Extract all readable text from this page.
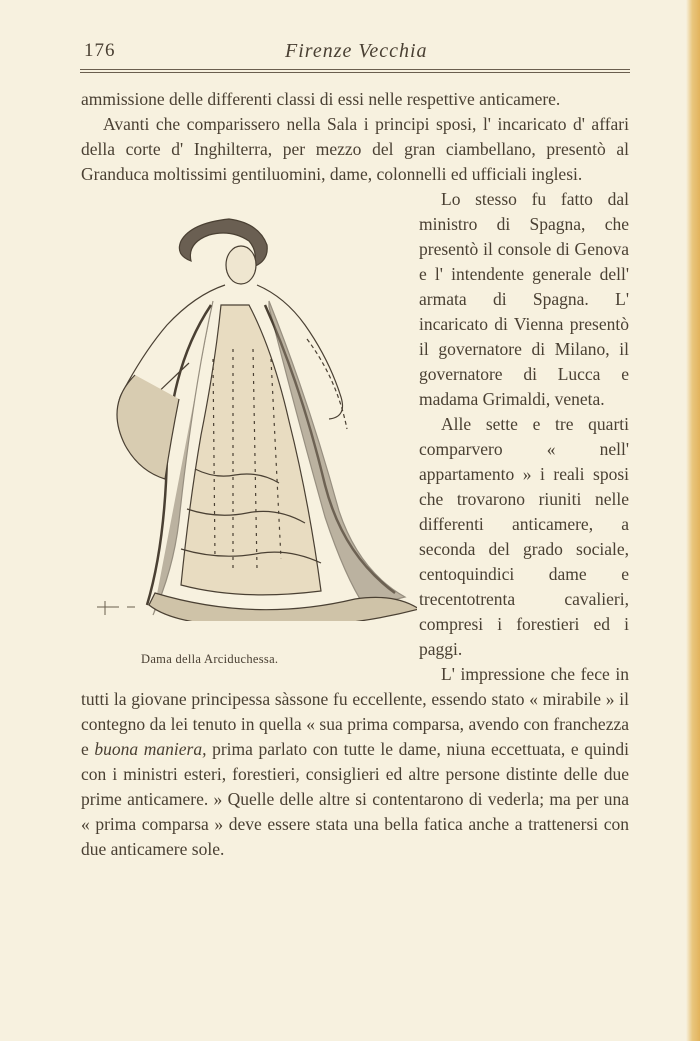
176	Firenze Vecchia

ammissione delle differenti classi di essi nelle respettive anticamere.

Avanti che comparissero nella Sala i principi sposi, l' incaricato d' affari della corte d' Inghilterra, per mezzo del gran ciambellano, presentò al Granduca moltissimi gentiluomini, dame, colonnelli ed ufficiali inglesi.

Dama della Arciduchessa.

Lo stesso fu fatto dal ministro di Spagna, che presentò il console di Genova e l' intendente generale dell' armata di Spagna. L' incaricato di Vienna presentò il governatore di Milano, il governatore di Lucca e madama Grimaldi, veneta.

Alle sette e tre quarti comparvero « nell' appartamento » i reali sposi che trovarono riuniti nelle differenti anticamere, a seconda del grado sociale, centoquindici dame e trecentotrenta cavalieri, compresi i forestieri ed i paggi.

L' impressione che fece in tutti la giovane principessa sàssone fu eccellente, essendo stato « mirabile » il contegno da lei tenuto in quella « sua prima comparsa, avendo con franchezza e buona maniera, prima parlato con tutte le dame, niuna eccettuata, e quindi con i ministri esteri, forestieri, consiglieri ed altre persone distinte delle due prime anticamere. » Quelle delle altre si contentarono di vederla; ma per una « prima comparsa » deve essere stata una bella fatica anche a trattenersi con due anticamere sole.
